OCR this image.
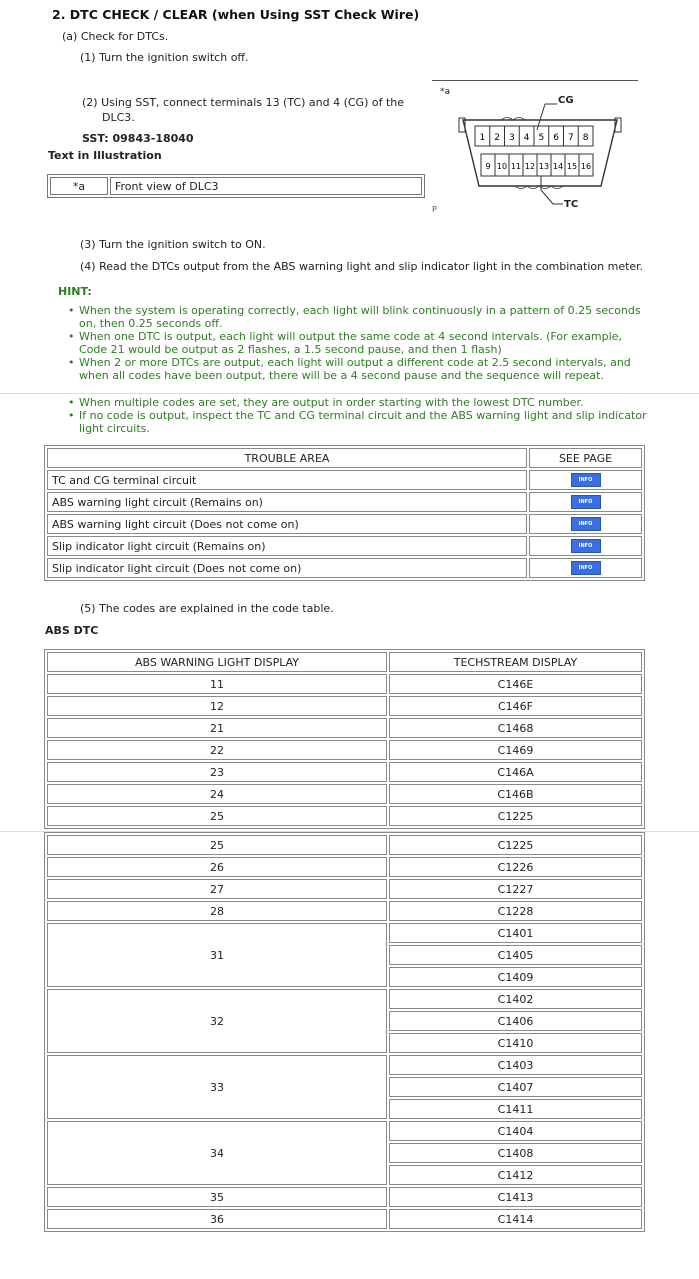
2. DTC CHECK / CLEAR (when Using SST Check Wire)
(a) Check for DTCs.
(1) Turn the ignition switch off.
(2) Using SST, connect terminals 13 (TC) and 4 (CG) of the
DLC3.
SST: 09843-18040
Text in Illustration
*a	Front view of DLC3
*a
P
CG
TC
1 2 3 4 5 6 7 8
9 10 11 12 13 14 15 16
(3) Turn the ignition switch to ON.
(4) Read the DTCs output from the ABS warning light and slip indicator light in the combination meter.
HINT:
• When the system is operating correctly, each light will blink continuously in a pattern of 0.25 seconds on, then 0.25 seconds off.
• When one DTC is output, each light will output the same code at 4 second intervals. (For example, Code 21 would be output as 2 flashes, a 1.5 second pause, and then 1 flash)
• When 2 or more DTCs are output, each light will output a different code at 2.5 second intervals, and when all codes have been output, there will be a 4 second pause and the sequence will repeat.
• When multiple codes are set, they are output in order starting with the lowest DTC number.
• If no code is output, inspect the TC and CG terminal circuit and the ABS warning light and slip indicator light circuits.
TROUBLE AREA	SEE PAGE
TC and CG terminal circuit	INFO
ABS warning light circuit (Remains on)	INFO
ABS warning light circuit (Does not come on)	INFO
Slip indicator light circuit (Remains on)	INFO
Slip indicator light circuit (Does not come on)	INFO
(5) The codes are explained in the code table.
ABS DTC
ABS WARNING LIGHT DISPLAY	TECHSTREAM DISPLAY
11	C146E
12	C146F
21	C1468
22	C1469
23	C146A
24	C146B
25	C1225
25	C1225
26	C1226
27	C1227
28	C1228
31	C1401
	C1405
	C1409
32	C1402
	C1406
	C1410
33	C1403
	C1407
	C1411
34	C1404
	C1408
	C1412
35	C1413
36	C1414
